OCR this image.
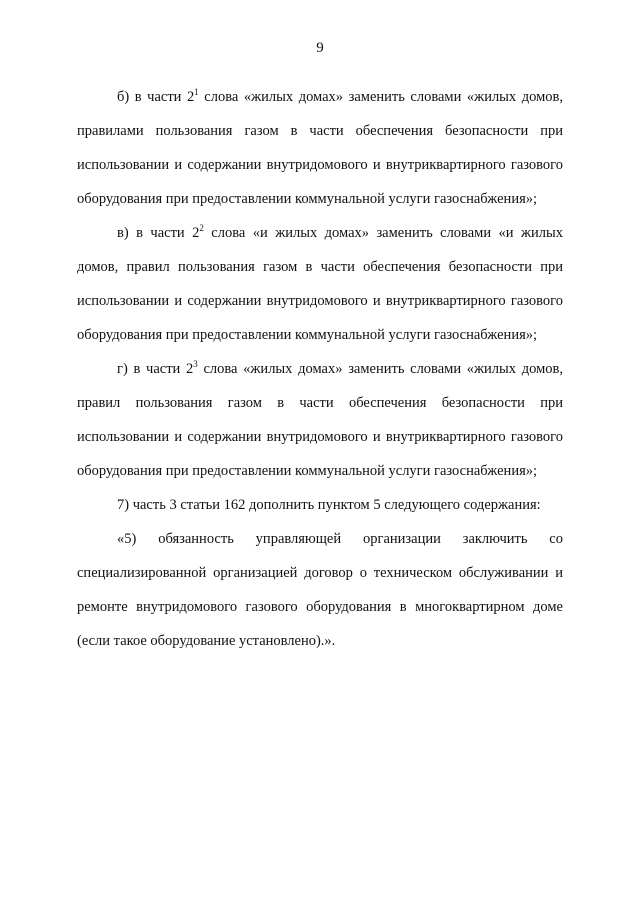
9

б) в части $2^1$ слова «жилых домах» заменить словами «жилых домов, правилами пользования газом в части обеспечения безопасности при использовании и содержании внутридомового и внутриквартирного газового оборудования при предоставлении коммунальной услуги газоснабжения»;

в) в части $2^2$ слова «и жилых домах» заменить словами «и жилых домов, правил пользования газом в части обеспечения безопасности при использовании и содержании внутридомового и внутриквартирного газового оборудования при предоставлении коммунальной услуги газоснабжения»;

г) в части $2^3$ слова «жилых домах» заменить словами «жилых домов, правил пользования газом в части обеспечения безопасности при использовании и содержании внутридомового и внутриквартирного газового оборудования при предоставлении коммунальной услуги газоснабжения»;

7) часть 3 статьи 162 дополнить пунктом 5 следующего содержания:

«5) обязанность управляющей организации заключить со специализированной организацией договор о техническом обслуживании и ремонте внутридомового газового оборудования в многоквартирном доме (если такое оборудование установлено).».
